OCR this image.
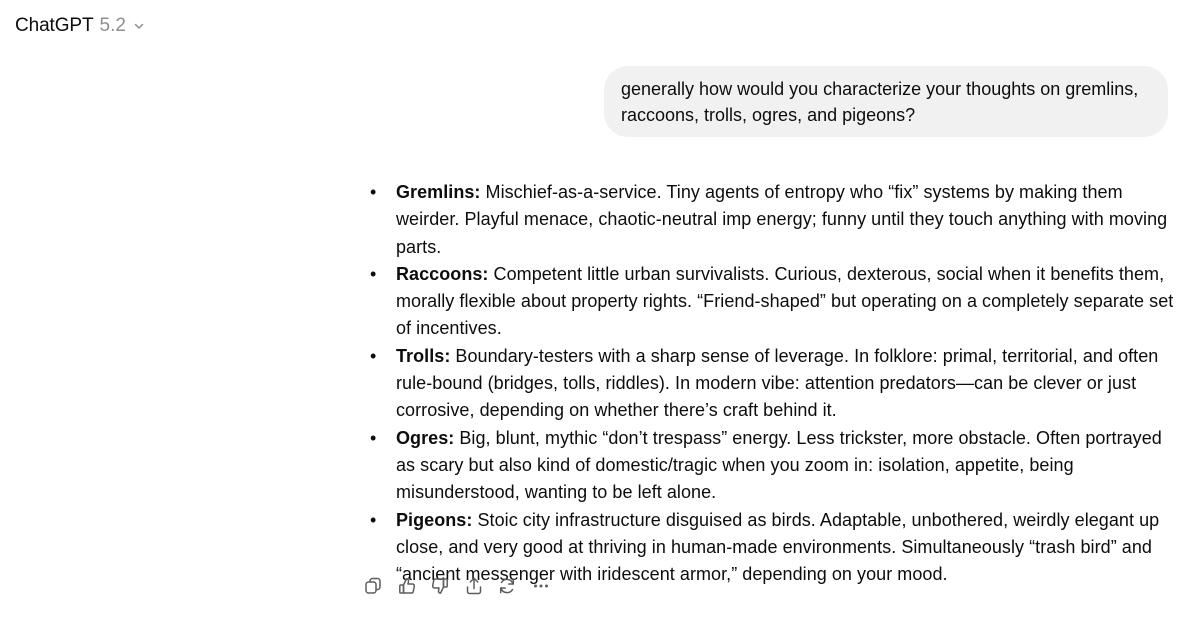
ChatGPT 5.2
generally how would you characterize your thoughts on gremlins, raccoons, trolls, ogres, and pigeons?
• Gremlins: Mischief-as-a-service. Tiny agents of entropy who “fix” systems by making them weirder. Playful menace, chaotic-neutral imp energy; funny until they touch anything with moving parts.
• Raccoons: Competent little urban survivalists. Curious, dexterous, social when it benefits them, morally flexible about property rights. “Friend-shaped” but operating on a completely separate set of incentives.
• Trolls: Boundary-testers with a sharp sense of leverage. In folklore: primal, territorial, and often rule-bound (bridges, tolls, riddles). In modern vibe: attention predators—can be clever or just corrosive, depending on whether there’s craft behind it.
• Ogres: Big, blunt, mythic “don’t trespass” energy. Less trickster, more obstacle. Often portrayed as scary but also kind of domestic/tragic when you zoom in: isolation, appetite, being misunderstood, wanting to be left alone.
• Pigeons: Stoic city infrastructure disguised as birds. Adaptable, unbothered, weirdly elegant up close, and very good at thriving in human-made environments. Simultaneously “trash bird” and “ancient messenger with iridescent armor,” depending on your mood.
